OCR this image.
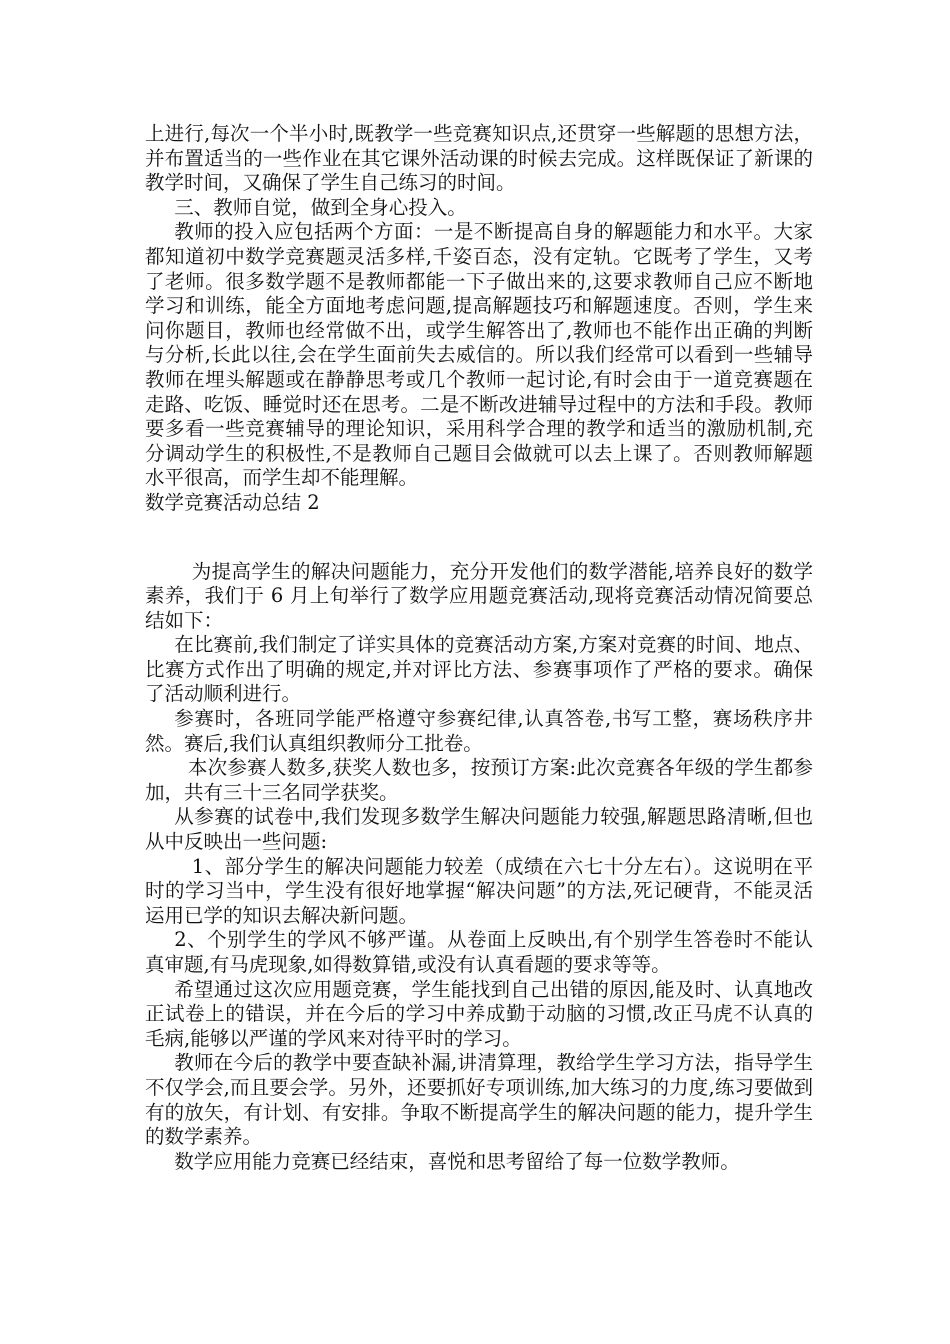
上进行,每次一个半小时,既教学一些竞赛知识点,还贯穿一些解题的思想方法，并布置适当的一些作业在其它课外活动课的时候去完成。这样既保证了新课的教学时间，又确保了学生自己练习的时间。

三、教师自觉，做到全身心投入。

教师的投入应包括两个方面：一是不断提高自身的解题能力和水平。大家都知道初中数学竞赛题灵活多样,千姿百态，没有定轨。它既考了学生，又考了老师。很多数学题不是教师都能一下子做出来的,这要求教师自己应不断地学习和训练，能全方面地考虑问题,提高解题技巧和解题速度。否则，学生来问你题目，教师也经常做不出，或学生解答出了,教师也不能作出正确的判断与分析,长此以往,会在学生面前失去威信的。所以我们经常可以看到一些辅导教师在埋头解题或在静静思考或几个教师一起讨论,有时会由于一道竞赛题在走路、吃饭、睡觉时还在思考。二是不断改进辅导过程中的方法和手段。教师要多看一些竞赛辅导的理论知识，采用科学合理的教学和适当的激励机制,充分调动学生的积极性,不是教师自己题目会做就可以去上课了。否则教师解题水平很高，而学生却不能理解。

数学竞赛活动总结 2

为提高学生的解决问题能力，充分开发他们的数学潜能,培养良好的数学素养，我们于 6 月上旬举行了数学应用题竞赛活动,现将竞赛活动情况简要总结如下：

在比赛前,我们制定了详实具体的竞赛活动方案,方案对竞赛的时间、地点、比赛方式作出了明确的规定,并对评比方法、参赛事项作了严格的要求。确保了活动顺利进行。

参赛时，各班同学能严格遵守参赛纪律,认真答卷,书写工整，赛场秩序井然。赛后,我们认真组织教师分工批卷。

本次参赛人数多,获奖人数也多，按预订方案:此次竞赛各年级的学生都参加，共有三十三名同学获奖。

从参赛的试卷中,我们发现多数学生解决问题能力较强,解题思路清晰,但也从中反映出一些问题:

1、部分学生的解决问题能力较差（成绩在六七十分左右）。这说明在平时的学习当中，学生没有很好地掌握“解决问题”的方法,死记硬背，不能灵活运用已学的知识去解决新问题。

2、个别学生的学风不够严谨。从卷面上反映出,有个别学生答卷时不能认真审题,有马虎现象,如得数算错,或没有认真看题的要求等等。

希望通过这次应用题竞赛，学生能找到自己出错的原因,能及时、认真地改正试卷上的错误，并在今后的学习中养成勤于动脑的习惯,改正马虎不认真的毛病,能够以严谨的学风来对待平时的学习。

教师在今后的教学中要查缺补漏,讲清算理，教给学生学习方法，指导学生不仅学会,而且要会学。另外，还要抓好专项训练,加大练习的力度,练习要做到有的放矢，有计划、有安排。争取不断提高学生的解决问题的能力，提升学生的数学素养。

数学应用能力竞赛已经结束，喜悦和思考留给了每一位数学教师。
